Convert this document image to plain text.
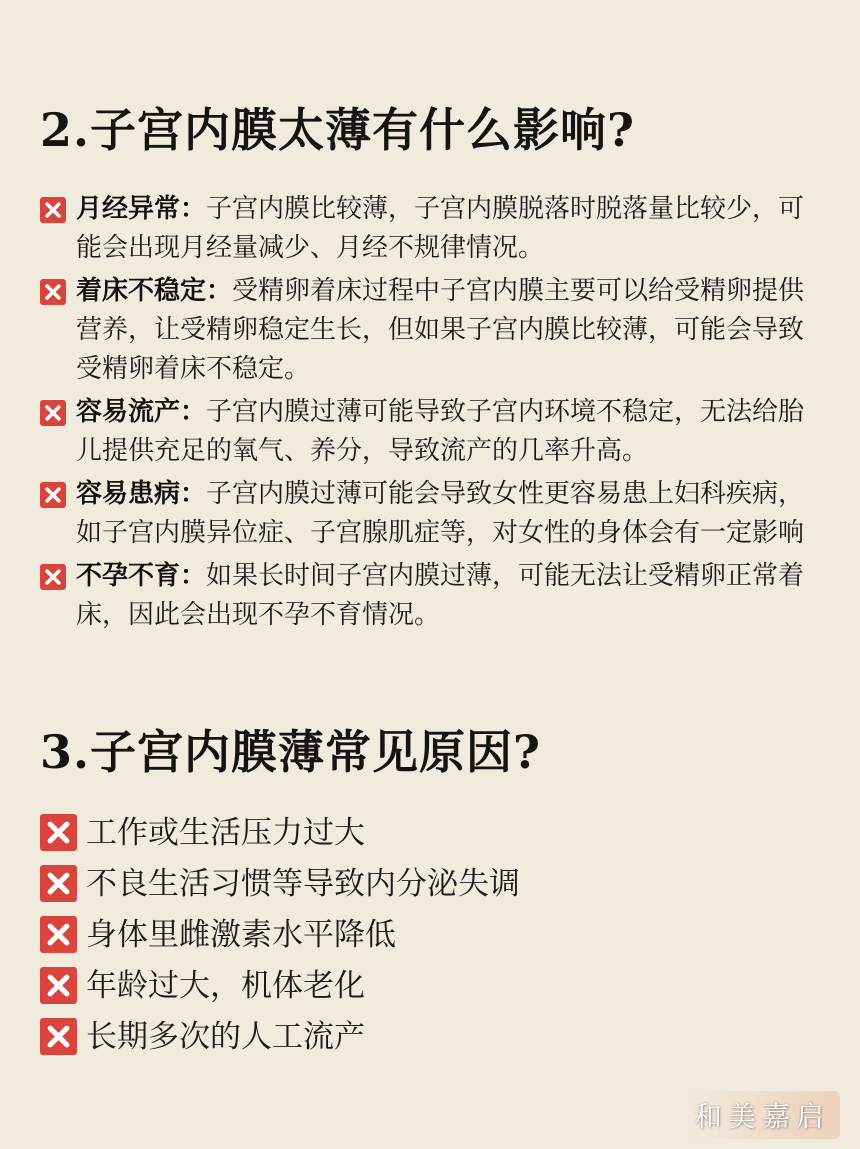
2.子宫内膜太薄有什么影响?
月经异常：子宫内膜比较薄，子宫内膜脱落时脱落量比较少，可能会出现月经量减少、月经不规律情况。
着床不稳定：受精卵着床过程中子宫内膜主要可以给受精卵提供营养，让受精卵稳定生长，但如果子宫内膜比较薄，可能会导致受精卵着床不稳定。
容易流产：子宫内膜过薄可能导致子宫内环境不稳定，无法给胎儿提供充足的氧气、养分，导致流产的几率升高。
容易患病：子宫内膜过薄可能会导致女性更容易患上妇科疾病，如子宫内膜异位症、子宫腺肌症等，对女性的身体会有一定影响
不孕不育：如果长时间子宫内膜过薄，可能无法让受精卵正常着床，因此会出现不孕不育情况。
3.子宫内膜薄常见原因?
工作或生活压力过大
不良生活习惯等导致内分泌失调
身体里雌激素水平降低
年龄过大，机体老化
长期多次的人工流产
和美嘉启
